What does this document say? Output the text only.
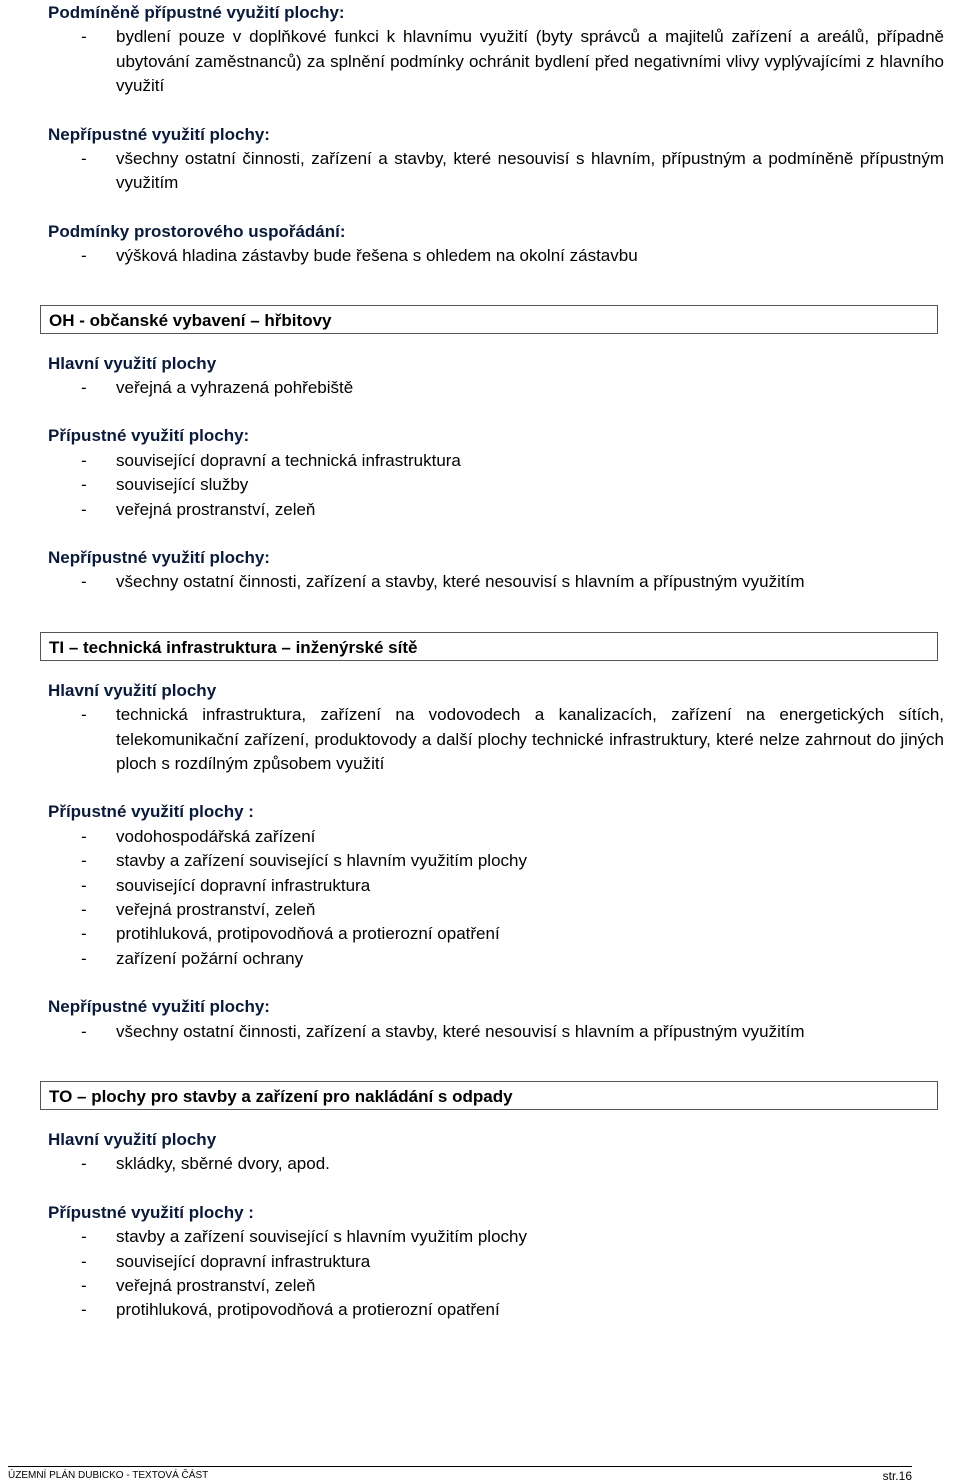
Podmíněně přípustné využití plochy:

- bydlení pouze v doplňkové funkci k hlavnímu využití (byty správců a majitelů zařízení a areálů, případně ubytování zaměstnanců) za splnění podmínky ochránit bydlení před negativními vlivy vyplývajícími z hlavního využití

Nepřípustné využití plochy:

- všechny ostatní činnosti, zařízení a stavby, které nesouvisí s hlavním, přípustným a podmíněně přípustným využitím

Podmínky prostorového uspořádání:

- výšková hladina zástavby bude řešena s ohledem na okolní zástavbu

OH - občanské vybavení – hřbitovy

Hlavní využití plochy

- veřejná a vyhrazená pohřebiště

Přípustné využití plochy:

- související dopravní a technická infrastruktura

- související služby

- veřejná prostranství, zeleň

Nepřípustné využití plochy:

- všechny ostatní činnosti, zařízení a stavby, které nesouvisí s hlavním a přípustným využitím

TI – technická infrastruktura – inženýrské sítě

Hlavní využití plochy

- technická infrastruktura, zařízení na vodovodech a kanalizacích, zařízení na energetických sítích, telekomunikační zařízení, produktovody a další plochy technické infrastruktury, které nelze zahrnout do jiných ploch s rozdílným způsobem využití

Přípustné využití plochy :

- vodohospodářská zařízení

- stavby a zařízení související s hlavním využitím plochy

- související dopravní infrastruktura

- veřejná prostranství, zeleň

- protihluková, protipovodňová a protierozní opatření

- zařízení požární ochrany

Nepřípustné využití plochy:

- všechny ostatní činnosti, zařízení a stavby, které nesouvisí s hlavním a přípustným využitím

TO – plochy pro stavby a zařízení pro nakládání s odpady

Hlavní využití plochy

- skládky, sběrné dvory, apod.

Přípustné využití plochy :

- stavby a zařízení související s hlavním využitím plochy

- související dopravní infrastruktura

- veřejná prostranství, zeleň

- protihluková, protipovodňová a protierozní opatření

ÚZEMNÍ PLÁN DUBICKO - TEXTOVÁ ČÁST	str.16
